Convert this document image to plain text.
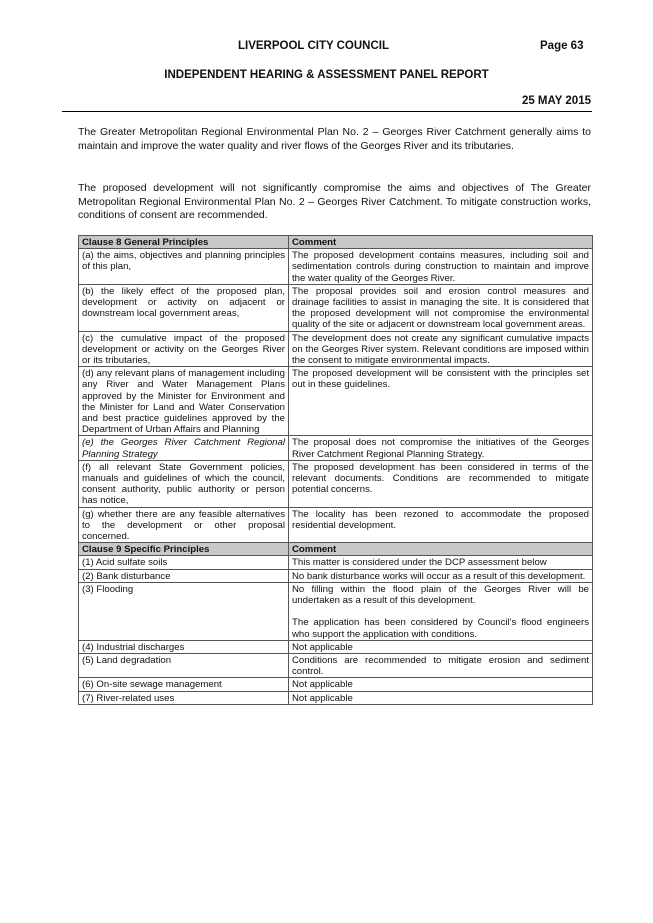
LIVERPOOL CITY COUNCIL	Page 63
INDEPENDENT HEARING & ASSESSMENT PANEL REPORT
25 MAY 2015
The Greater Metropolitan Regional Environmental Plan No. 2 – Georges River Catchment generally aims to maintain and improve the water quality and river flows of the Georges River and its tributaries.
The proposed development will not significantly compromise the aims and objectives of The Greater Metropolitan Regional Environmental Plan No. 2 – Georges River Catchment. To mitigate construction works, conditions of consent are recommended.
Clause 8 General Principles	Comment
(a) the aims, objectives and planning principles of this plan,	The proposed development contains measures, including soil and sedimentation controls during construction to maintain and improve the water quality of the Georges River.
(b) the likely effect of the proposed plan, development or activity on adjacent or downstream local government areas,	The proposal provides soil and erosion control measures and drainage facilities to assist in managing the site. It is considered that the proposed development will not compromise the environmental quality of the site or adjacent or downstream local government areas.
(c) the cumulative impact of the proposed development or activity on the Georges River or its tributaries,	The development does not create any significant cumulative impacts on the Georges River system. Relevant conditions are imposed within the consent to mitigate environmental impacts.
(d) any relevant plans of management including any River and Water Management Plans approved by the Minister for Environment and the Minister for Land and Water Conservation and best practice guidelines approved by the Department of Urban Affairs and Planning	The proposed development will be consistent with the principles set out in these guidelines.
(e) the Georges River Catchment Regional Planning Strategy	The proposal does not compromise the initiatives of the Georges River Catchment Regional Planning Strategy.
(f) all relevant State Government policies, manuals and guidelines of which the council, consent authority, public authority or person has notice,	The proposed development has been considered in terms of the relevant documents. Conditions are recommended to mitigate potential concerns.
(g) whether there are any feasible alternatives to the development or other proposal concerned.	The locality has been rezoned to accommodate the proposed residential development.
Clause 9 Specific Principles	Comment
(1) Acid sulfate soils	This matter is considered under the DCP assessment below
(2) Bank disturbance	No bank disturbance works will occur as a result of this development.
(3) Flooding	No filling within the flood plain of the Georges River will be undertaken as a result of this development.
The application has been considered by Council's flood engineers who support the application with conditions.
(4) Industrial discharges	Not applicable
(5) Land degradation	Conditions are recommended to mitigate erosion and sediment control.
(6) On-site sewage management	Not applicable
(7) River-related uses	Not applicable
